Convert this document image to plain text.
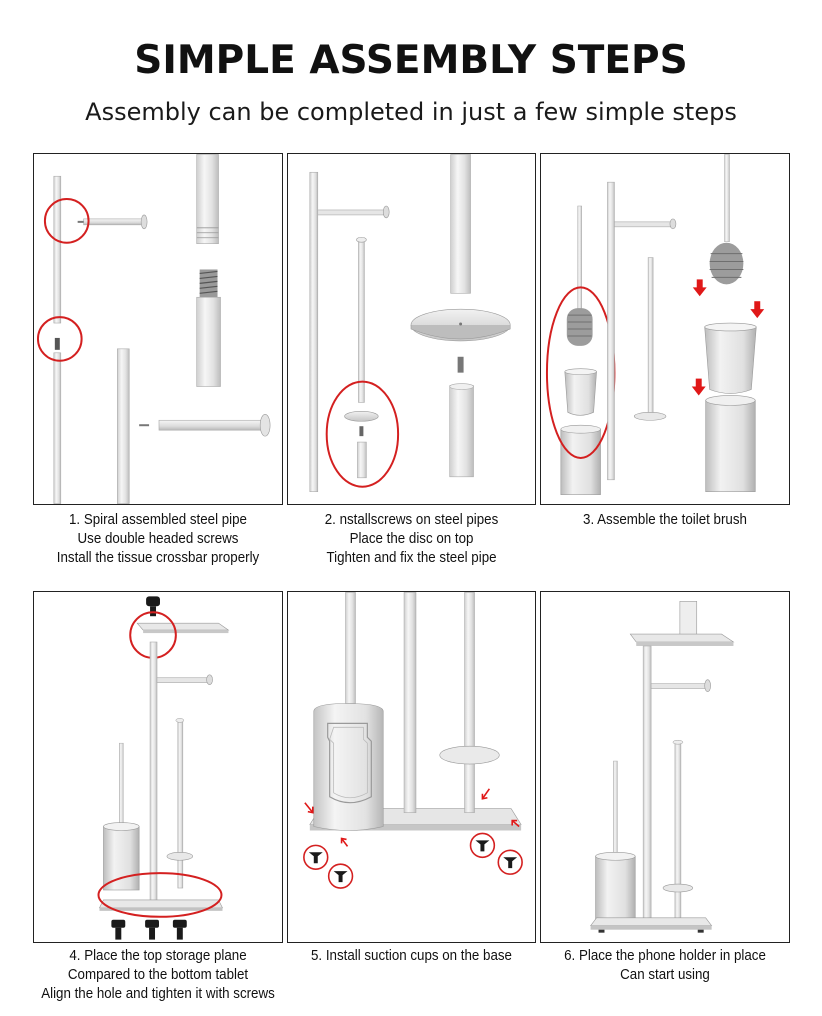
SIMPLE ASSEMBLY STEPS
Assembly can be completed in just a few simple steps
1. Spiral assembled steel pipe
Use double headed screws
Install the tissue crossbar properly
2. nstallscrews on steel pipes
Place the disc on top
Tighten and fix the steel pipe
3. Assemble the toilet brush
4. Place the top storage plane
Compared to the bottom tablet
Align the hole and tighten it with screws
5. Install suction cups on the base	6. Place the phone holder in place
Can start using
